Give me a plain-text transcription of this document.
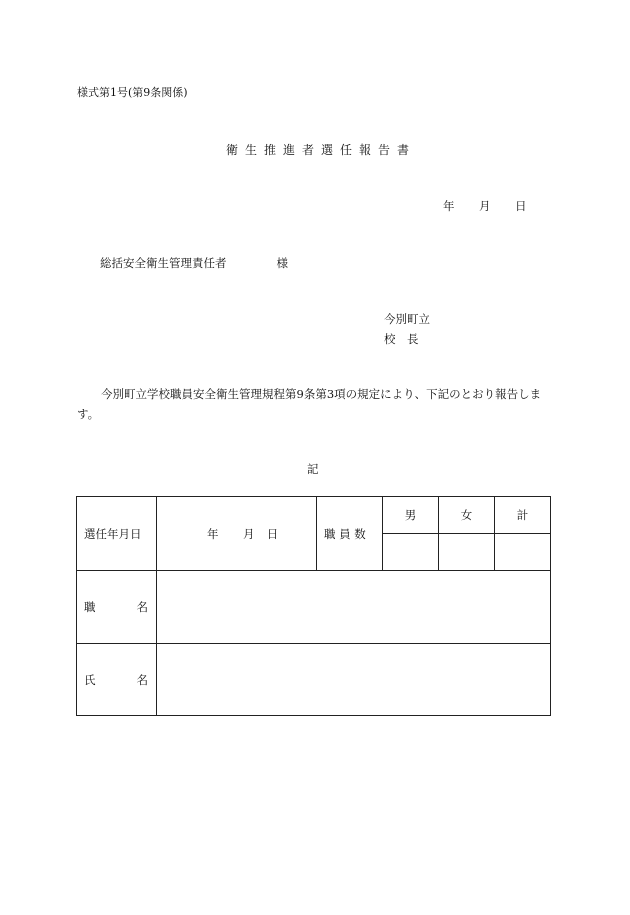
様式第1号(第9条関係)
衛生推進者選任報告書
年 月 日
総括安全衛生管理責任者	様
今別町立
校　長
今別町立学校職員安全衛生管理規程第9条第3項の規定により、下記のとおり報告します。
記
選任年月日	年 月 日	職 員 数	男	女	計

職 名					

氏 名					
